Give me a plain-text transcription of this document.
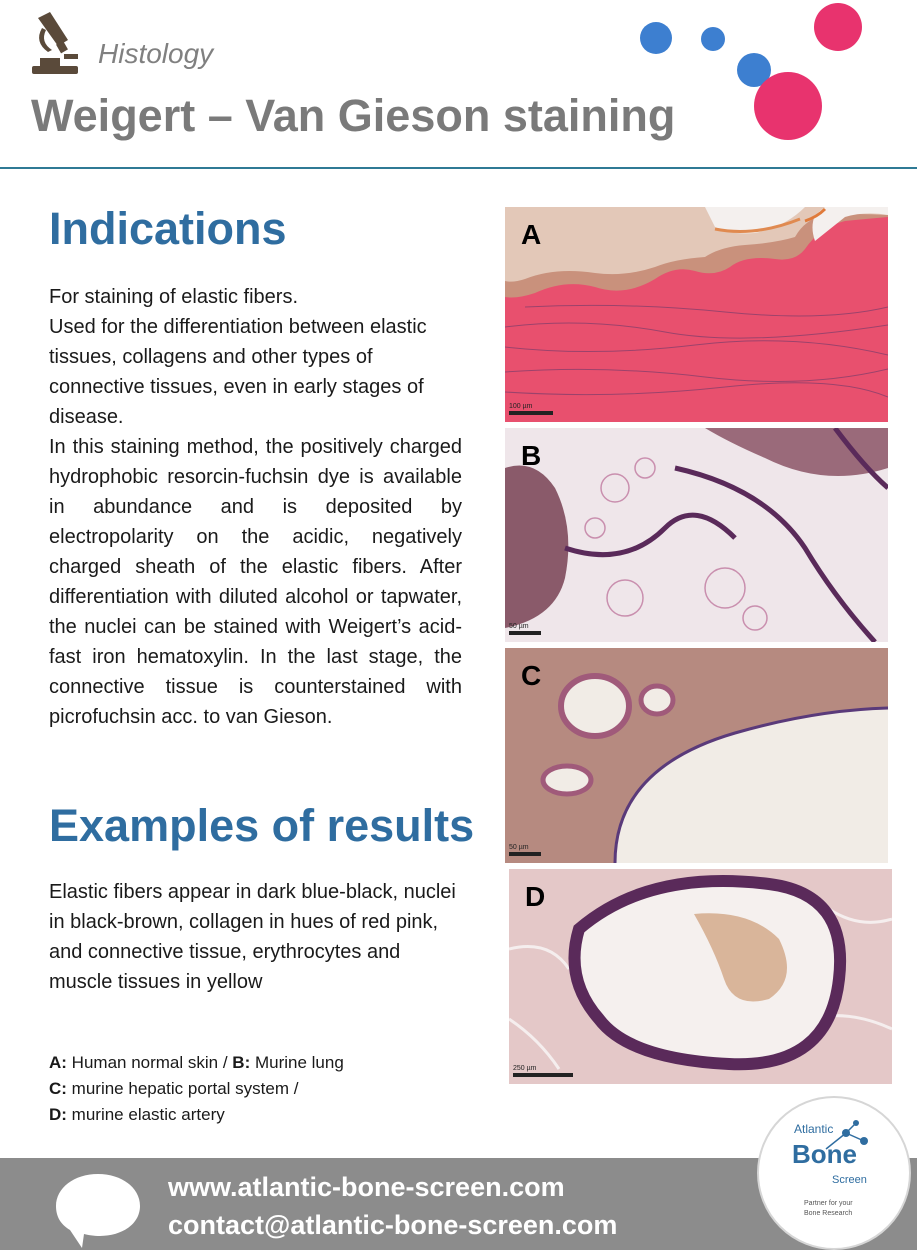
Histology
Weigert – Van Gieson staining
Indications

For staining of elastic fibers.

Used for the differentiation between elastic tissues, collagens and other types of connective tissues, even in early stages of disease.

In this staining method, the positively charged hydrophobic resorcin-fuchsin dye is available in abundance and is deposited by electropolarity on the acidic, negatively charged sheath of the elastic fibers. After differentiation with diluted alcohol or tapwater, the nuclei can be stained with Weigert’s acid-fast iron hematoxylin. In the last stage, the connective tissue is counterstained with picrofuchsin acc. to van Gieson.

Examples of results
Elastic fibers appear in dark blue-black, nuclei in black-brown, collagen in hues of red pink, and connective tissue, erythrocytes and muscle tissues in yellow
A: Human normal skin / B: Murine lung
C: murine hepatic portal system /
D: murine elastic artery
100 µm
A
50 µm
B
50 µm
C
250 µm
D
www.atlantic-bone-screen.com
contact@atlantic-bone-screen.com
Atlantic
Bone
Screen
Partner for your
Bone Research
